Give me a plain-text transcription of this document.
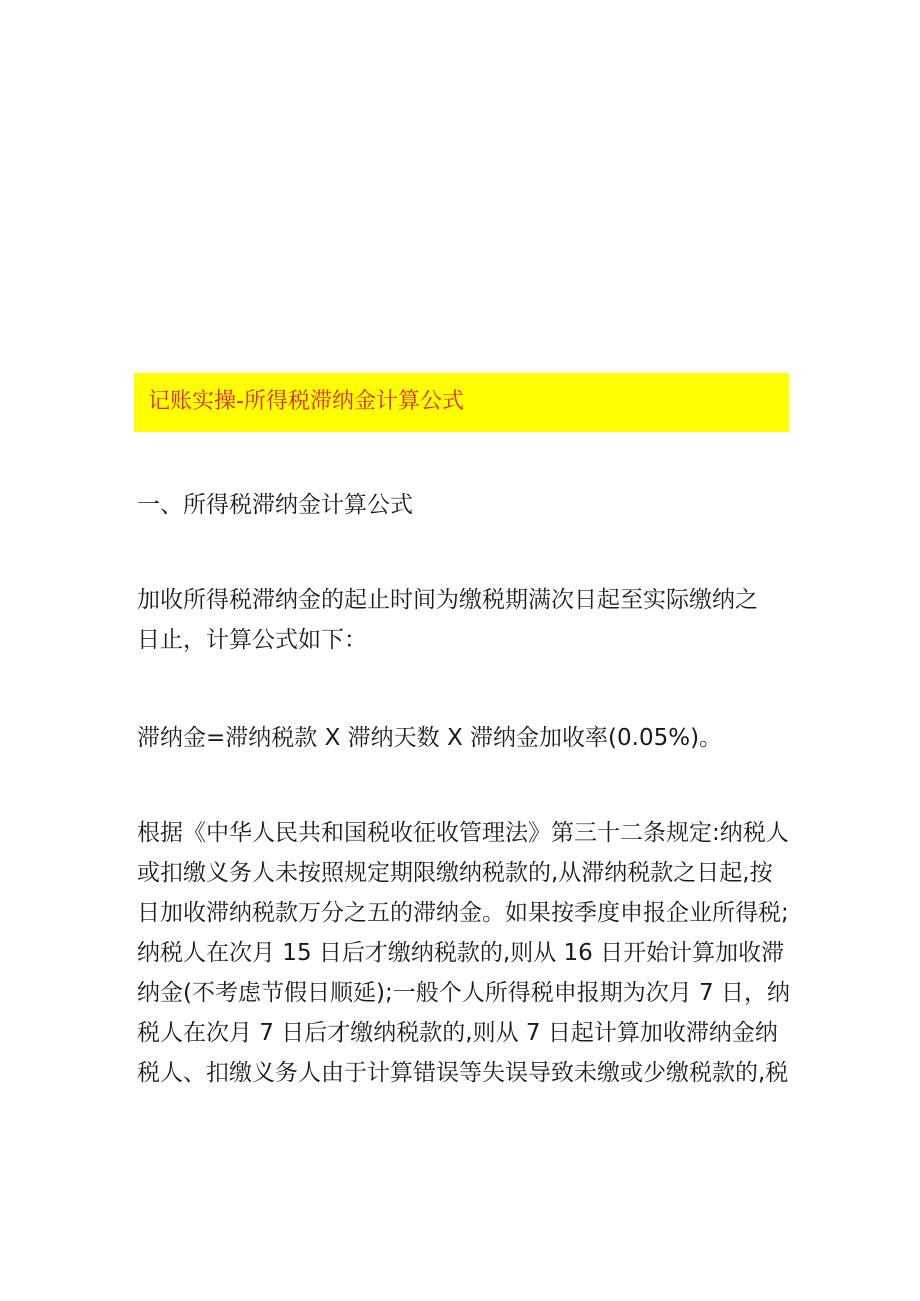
记账实操-所得税滞纳金计算公式
一、所得税滞纳金计算公式
加收所得税滞纳金的起止时间为缴税期满次日起至实际缴纳之
日止，计算公式如下：
滞纳金=滞纳税款 X 滞纳天数 X 滞纳金加收率(0.05%)。
根据《中华人民共和国税收征收管理法》第三十二条规定:纳税人
或扣缴义务人未按照规定期限缴纳税款的,从滞纳税款之日起,按
日加收滞纳税款万分之五的滞纳金。如果按季度申报企业所得税;
纳税人在次月 15 日后才缴纳税款的,则从 16 日开始计算加收滞
纳金(不考虑节假日顺延);一般个人所得税申报期为次月 7 日，纳
税人在次月 7 日后才缴纳税款的,则从 7 日起计算加收滞纳金纳
税人、扣缴义务人由于计算错误等失误导致未缴或少缴税款的,税
